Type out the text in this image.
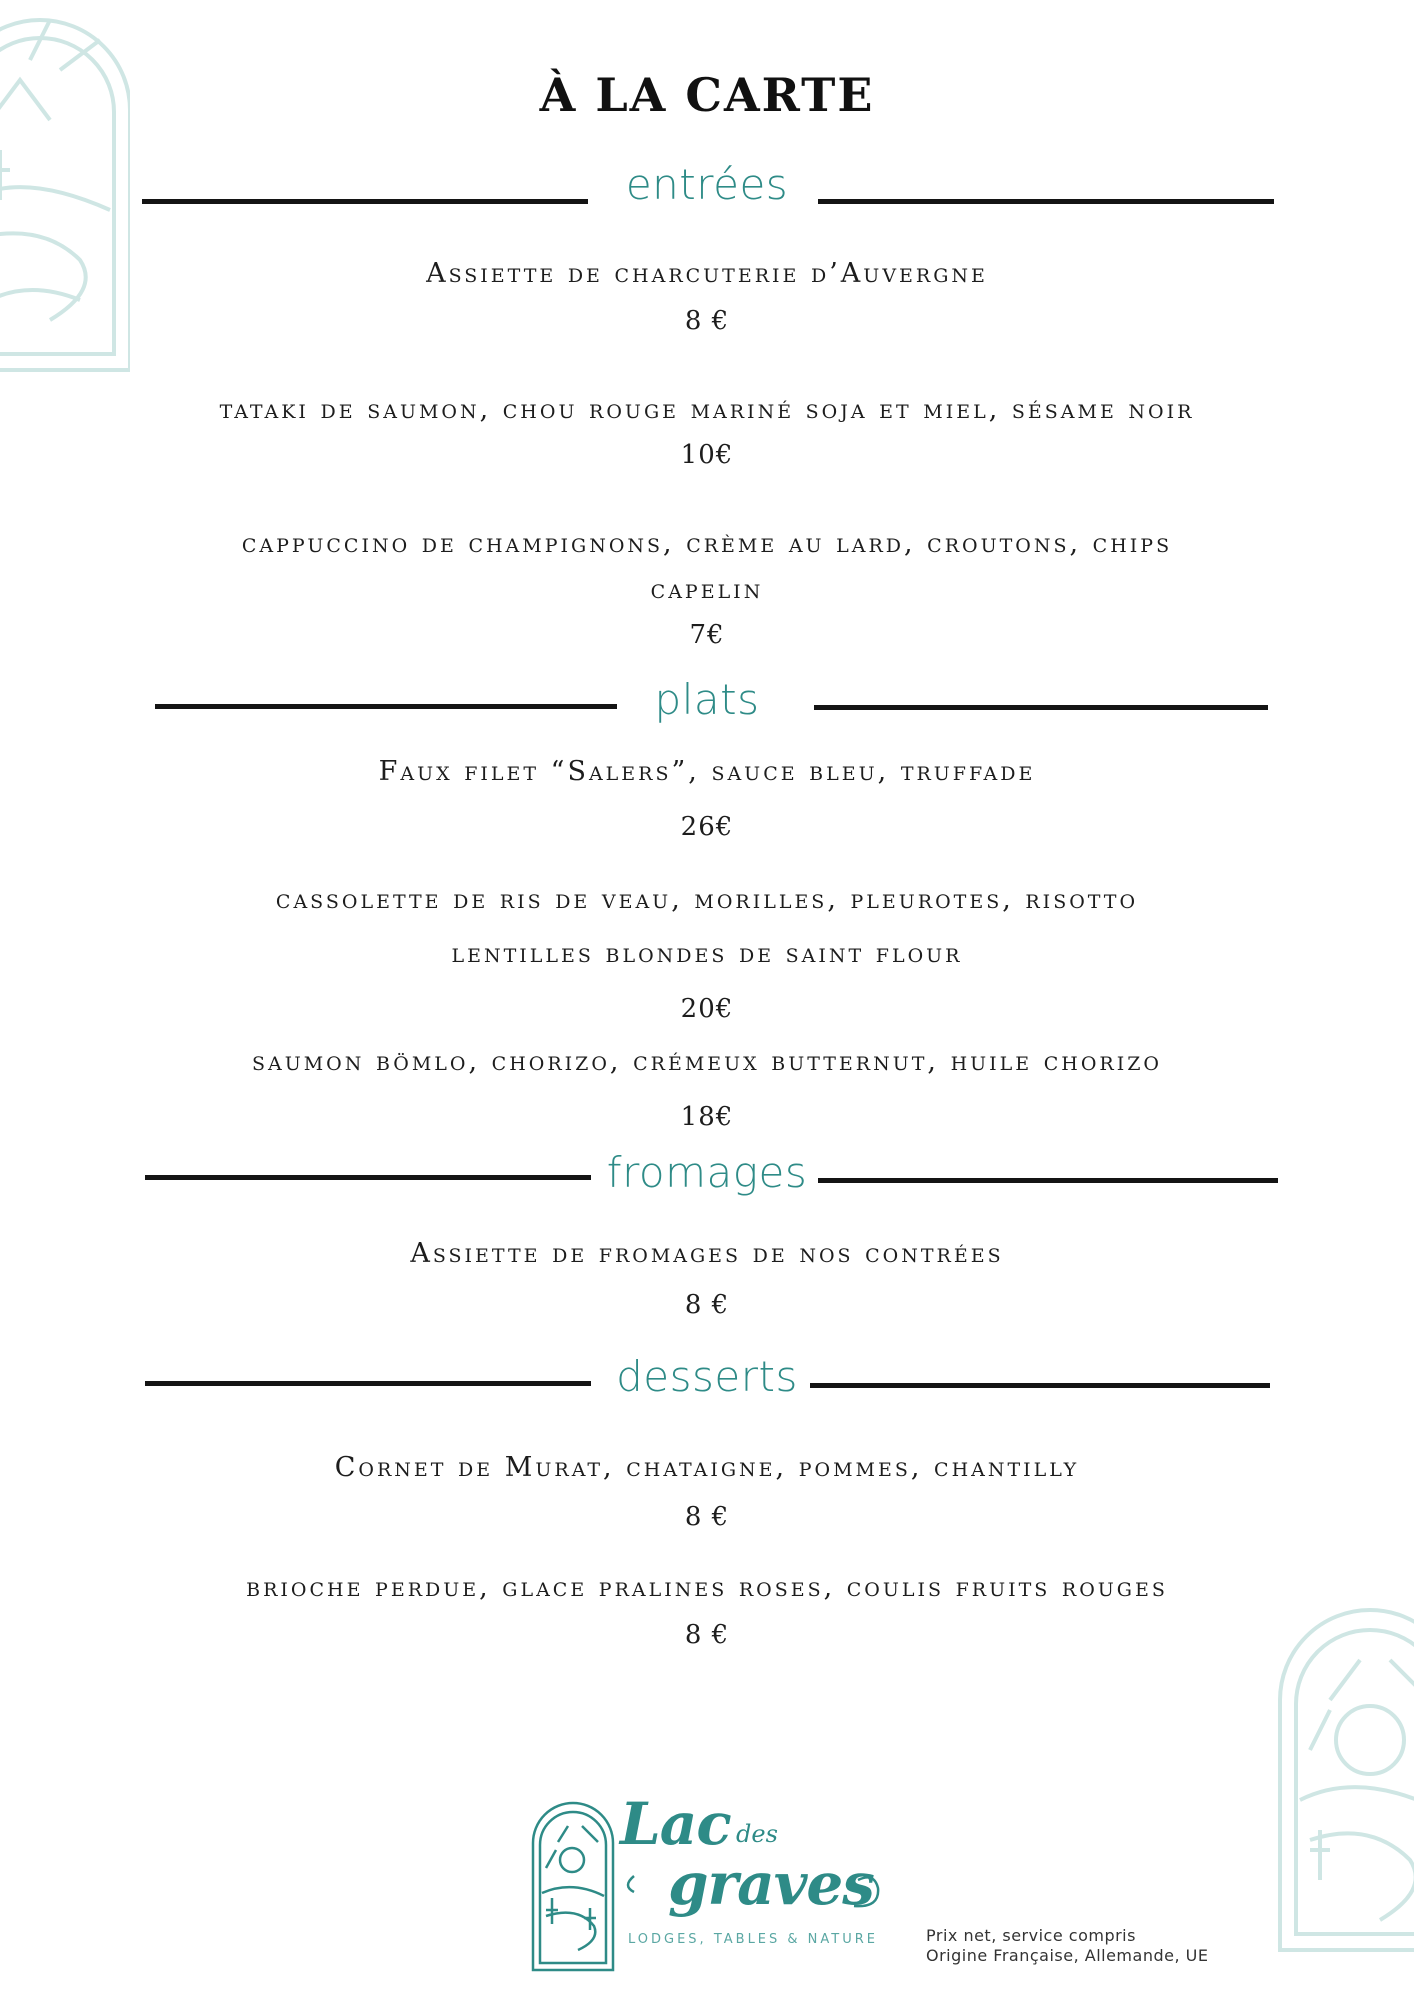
À LA CARTE
entrées
Assiette de charcuterie d’Auvergne
8 €
tataki de saumon, chou rouge mariné soja et miel, sésame noir
10€
cappuccino de champignons, crème au lard, croutons, chips
capelin
7€
plats
Faux filet “Salers”, sauce bleu, truffade
26€
cassolette de ris de veau, morilles, pleurotes, risotto
lentilles blondes de saint flour
20€
saumon bömlo, chorizo, crémeux butternut, huile chorizo
18€
fromages
Assiette de fromages de nos contrées
8 €
desserts
Cornet de Murat, chataigne, pommes, chantilly
8 €
brioche perdue, glace pralines roses, coulis fruits rouges
8 €
Lac des
graves
LODGES, TABLES & NATURE	Prix net, service compris
Origine Française, Allemande, UE
